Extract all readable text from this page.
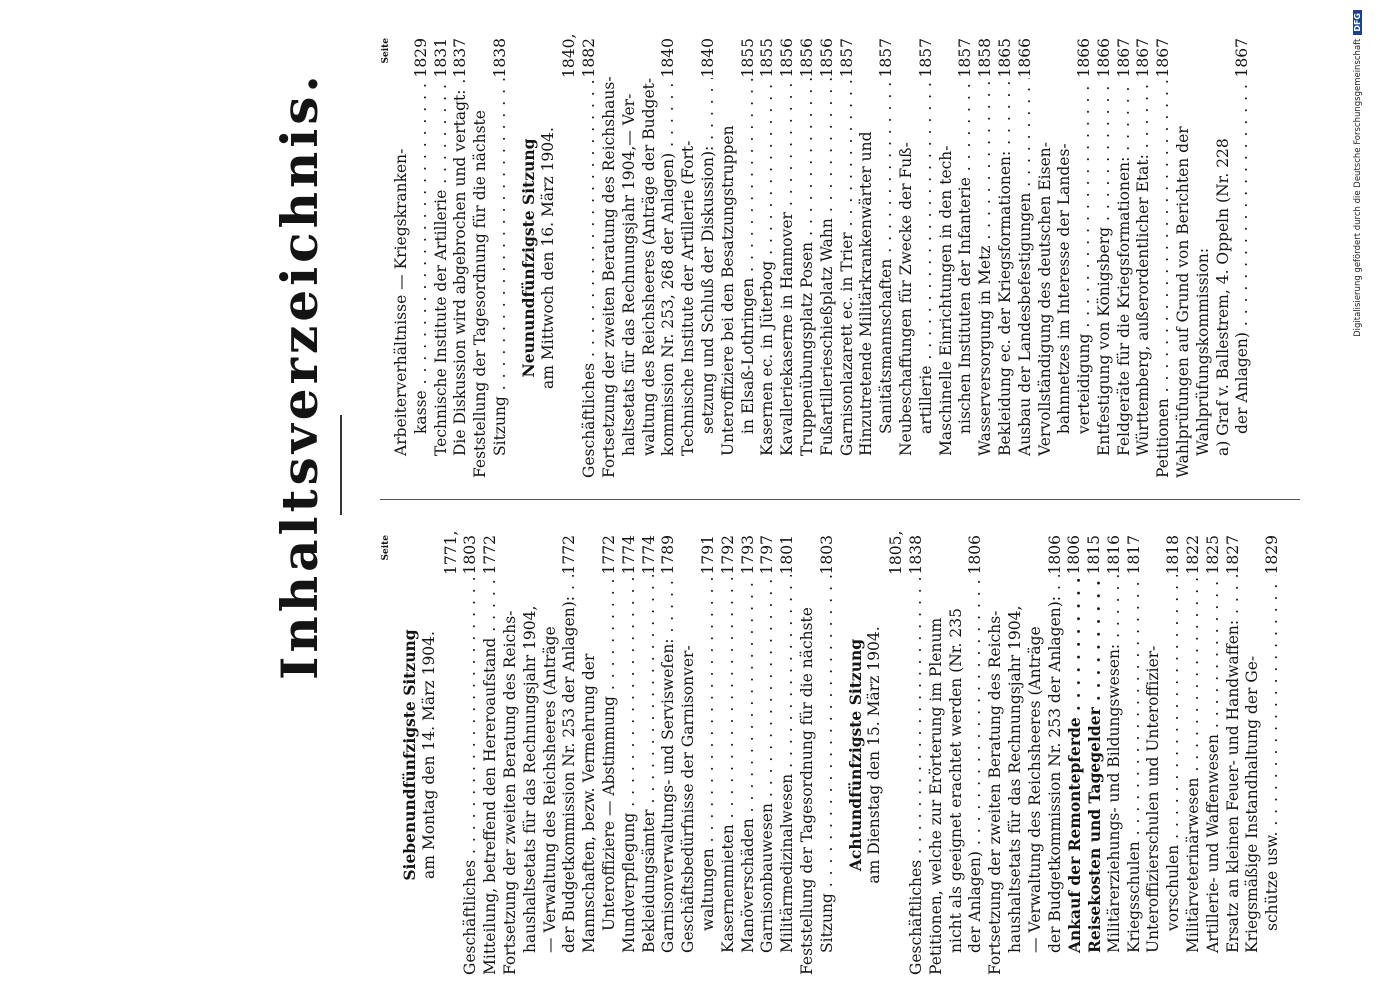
Inhaltsverzeichnis.	Seite
Siebenundfünfzigste Sitzung am Montag den 14. März 1904.
Geschäftliches . . .
1771, 1803
Mitteilung, betreffend den Hereroaufstand . . .
1772
Fortsetzung der zweiten Beratung des Reichs- haushaltsetats für das Rechnungsjahr 1904, — Verwaltung des Reichsheeres (Anträge der Budgetkommission Nr. 253 der Anlagen): . . .
1772
Mannschaften, bezw. Vermehrung der Unteroffiziere — Abstimmung . . .
1772
Mundverpflegung . . .
1774
Bekleidungsämter . . .
1774
Garnisonverwaltungs- und Servisweſen: . . .
1789
Geschäftsbedürfnisse der Garnisonver- waltungen . . .
1791
Kasernenmieten . . .
1792
Manöverschäden . . .
1793
Garnisonbauwesen . . .
1797
Militärmedizinalwesen . . .
1801
Feststellung der Tagesordnung für die nächste Sitzung . . .
1803
Achtundfünfzigste Sitzung am Dienstag den 15. März 1904.
Geschäftliches . . .
1805, 1838
Petitionen, welche zur Erörterung im Plenum nicht als geeignet erachtet werden (Nr. 235 der Anlagen) . . .
1806
Fortsetzung der zweiten Beratung des Reichs- haushaltsetats für das Rechnungsjahr 1904, — Verwaltung des Reichsheeres (Anträge der Budgetkommission Nr. 253 der Anlagen): . . .
1806
Ankauf der Remontepferde . . .
1806
Reisekosten und Tagegelder . . .
1815
Militärerziehungs- und Bildungswesen: . . .
1816
Kriegsschulen . . .
1817
Unteroffizierschulen und Unteroffizier- vorschulen . . .
1818
Militärveterinärwesen . . .
1822
Artillerie- und Waffenwesen . . .
1825
Ersatz an kleinen Feuer- und Handwaffen: . . .
1827
Kriegsmäßige Instandhaltung der Ge- schütze usw. . . .
1829
Seite
Arbeiterverhältnisse — Kriegskranken- kasse . . .
1829
Technische Institute der Artillerie . . .
1831
Die Diskussion wird abgebrochen und vertagt: . . .
1837
Feststellung der Tagesordnung für die nächste Sitzung . . .
1838
Neunundfünfzigste Sitzung am Mittwoch den 16. März 1904.
Geschäftliches . . .
1840, 1882
Fortsetzung der zweiten Beratung des Reichshaus- haltsetats für das Rechnungsjahr 1904,— Ver- waltung des Reichsheeres (Anträge der Budget- kommission Nr. 253, 268 der Anlagen) . . .
1840
Technische Institute der Artillerie (Fort- setzung und Schluß der Diskussion): . . .
1840
Unteroffiziere bei den Besatzungstruppen in Elsaß-Lothringen . . .
1855
Kasernen ec. in Jüterbog . . .
1855
Kavalleriekaserne in Hannover . . .
1856
Truppenübungsplatz Posen . . .
1856
Fußartillerieschießplatz Wahn . . .
1856
Garnisonlazarett ec. in Trier . . .
1857
Hinzutretende Militärkrankenwärter und Sanitätsmannschaften . . .
1857
Neubeschaffungen für Zwecke der Fuß- artillerie . . .
1857
Maschinelle Einrichtungen in den tech- nischen Instituten der Infanterie . . .
1857
Wasserversorgung in Metz . . .
1858
Bekleidung ec. der Kriegsformationen: . . .
1865
Ausbau der Landesbefestigungen . . .
1866
Vervollständigung des deutschen Eisen- bahnnetzes im Interesse der Landes- verteidigung . . .
1866
Entfestigung von Königsberg . . .
1866
Feldgeräte für die Kriegsformationen: . . .
1867
Württemberg, außerordentlicher Etat: . . .
1867
Petitionen . . .
1867
Wahlprüfungen auf Grund von Berichten der Wahlprüfungskommission: a) Graf v. Ballestrem, 4. Oppeln (Nr. 228 der Anlagen) . . .
1867	Digitalisierung gefördert durch die Deutsche ForschungsgemeinschaftDFG
